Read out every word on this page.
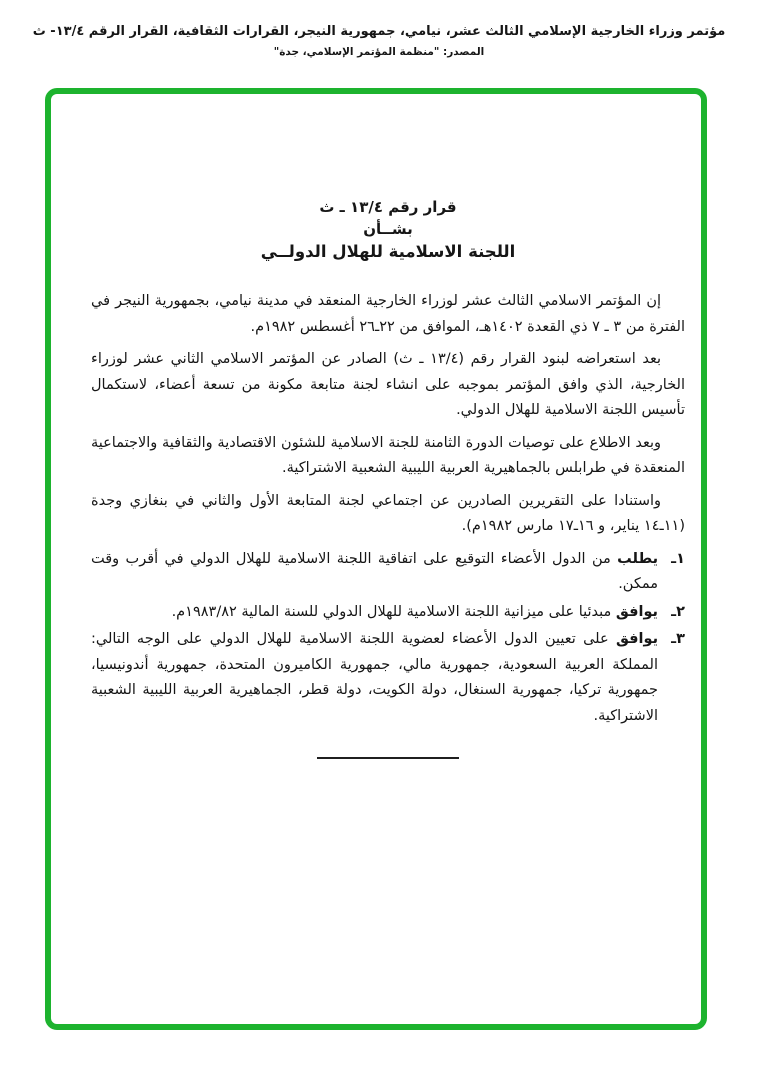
مؤتمر وزراء الخارجية الإسلامي الثالث عشر، نيامي، جمهورية النيجر، القرارات الثقافية، القرار الرقم ١٣/٤- ث
المصدر: "منظمة المؤتمر الإسلامي، جدة"
قرار رقم ١٣/٤ ـ ث
بشــأن
اللجنة الاسلامية للهلال الدولــي

إن المؤتمر الاسلامي الثالث عشر لوزراء الخارجية المنعقد في مدينة نيامي، بجمهورية النيجر في الفترة من ٣ ـ ٧ ذي القعدة ١٤٠٢هـ، الموافق من ٢٢ـ٢٦ أغسطس ١٩٨٢م.

بعد استعراضه لبنود القرار رقم (١٣/٤ ـ ث) الصادر عن المؤتمر الاسلامي الثاني عشر لوزراء الخارجية، الذي وافق المؤتمر بموجبه على انشاء لجنة متابعة مكونة من تسعة أعضاء، لاستكمال تأسيس اللجنة الاسلامية للهلال الدولي.

وبعد الاطلاع على توصيات الدورة الثامنة للجنة الاسلامية للشئون الاقتصادية والثقافية والاجتماعية المنعقدة في طرابلس بالجماهيرية العربية الليبية الشعبية الاشتراكية.

واستنادا على التقريرين الصادرين عن اجتماعي لجنة المتابعة الأول والثاني في بنغازي وجدة (١١ـ١٤ يناير، و ١٦ـ١٧ مارس ١٩٨٢م).

١ـ
يطلب من الدول الأعضاء التوقيع على اتفاقية اللجنة الاسلامية للهلال الدولي في أقرب وقت ممكن.
٢ـ
يوافق مبدئيا على ميزانية اللجنة الاسلامية للهلال الدولي للسنة المالية ١٩٨٣/٨٢م.
٣ـ
يوافق على تعيين الدول الأعضاء لعضوية اللجنة الاسلامية للهلال الدولي على الوجه التالي: المملكة العربية السعودية، جمهورية مالي، جمهورية الكاميرون المتحدة، جمهورية أندونيسيا، جمهورية تركيا، جمهورية السنغال، دولة الكويت، دولة قطر، الجماهيرية العربية الليبية الشعبية الاشتراكية.
